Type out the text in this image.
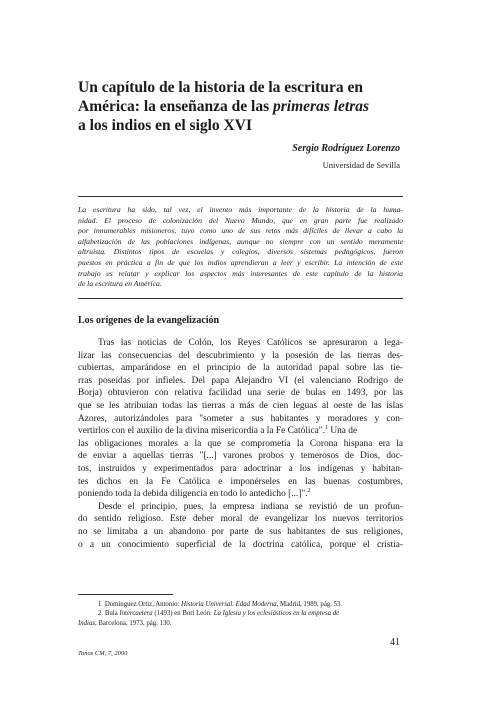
Un capítulo de la historia de la escritura en
América: la enseñanza de las primeras letras
a los indios en el siglo XVI
Sergio Rodríguez Lorenzo
Universidad de Sevilla

La escritura ha sido, tal vez, el invento más importante de la historia de la huma-
nidad. El proceso de colonización del Nuevo Mundo, que en gran parte fue realizado
por innumerables misioneros, tuvo como uno de sus retos más difíciles de llevar a cabo la
alfabetización de las poblaciones indígenas, aunque no siempre con un sentido meramente
altruista. Distintos tipos de escuelas y colegios, diversos sistemas pedagógicos, fueron
puestos en práctica a fin de que los indios aprendieran a leer y escribir. La intención de este
trabajo es relatar y explicar los aspectos más interesantes de este capítulo de la historia
de la escritura en América.

Los orígenes de la evangelización
Tras las noticias de Colón, los Reyes Católicos se apresuraron a lega-
lizar las consecuencias del descubrimiento y la posesión de las tierras des-
cubiertas, amparándose en el principio de la autoridad papal sobre las tie-
rras poseídas por infieles. Del papa Alejandro VI (el valenciano Rodrigo de
Borja) obtuvieron con relativa facilidad una serie de bulas en 1493, por las
que se les atribuían todas las tierras a más de cien leguas al oeste de las islas
Azores, autorizándoles para "someter a sus habitantes y moradores y con-
vertirlos con el auxilio de la divina misericordia a la Fe Católica".$^1$ Una de
las obligaciones morales a la que se comprometía la Corona hispana era la
de enviar a aquellas tierras "[...] varones probos y temerosos de Dios, doc-
tos, instruidos y experimentados para adoctrinar a los indígenas y habitan-
tes dichos en la Fe Católica e imponérseles en las buenas costumbres,
poniendo toda la debida diligencia en todo lo antedicho [...]".$^2$
Desde el principio, pues, la empresa indiana se revistió de un profun-
do sentido religioso. Este deber moral de evangelizar los nuevos territorios
no se limitaba a un abandono por parte de sus habitantes de sus religiones,
o a un conocimiento superficial de la doctrina católica, porque el cristia-
1 Domínguez Ortiz, Antonio: Historia Universal. Edad Moderna, Madrid, 1989, pág. 53.
2 Bula Intercaetera (1493) en Bori León: La Iglesia y los eclesiásticos en la empresa de
Indias, Barcelona, 1973, pág. 130.
41
Tonos CM, 7, 2000
